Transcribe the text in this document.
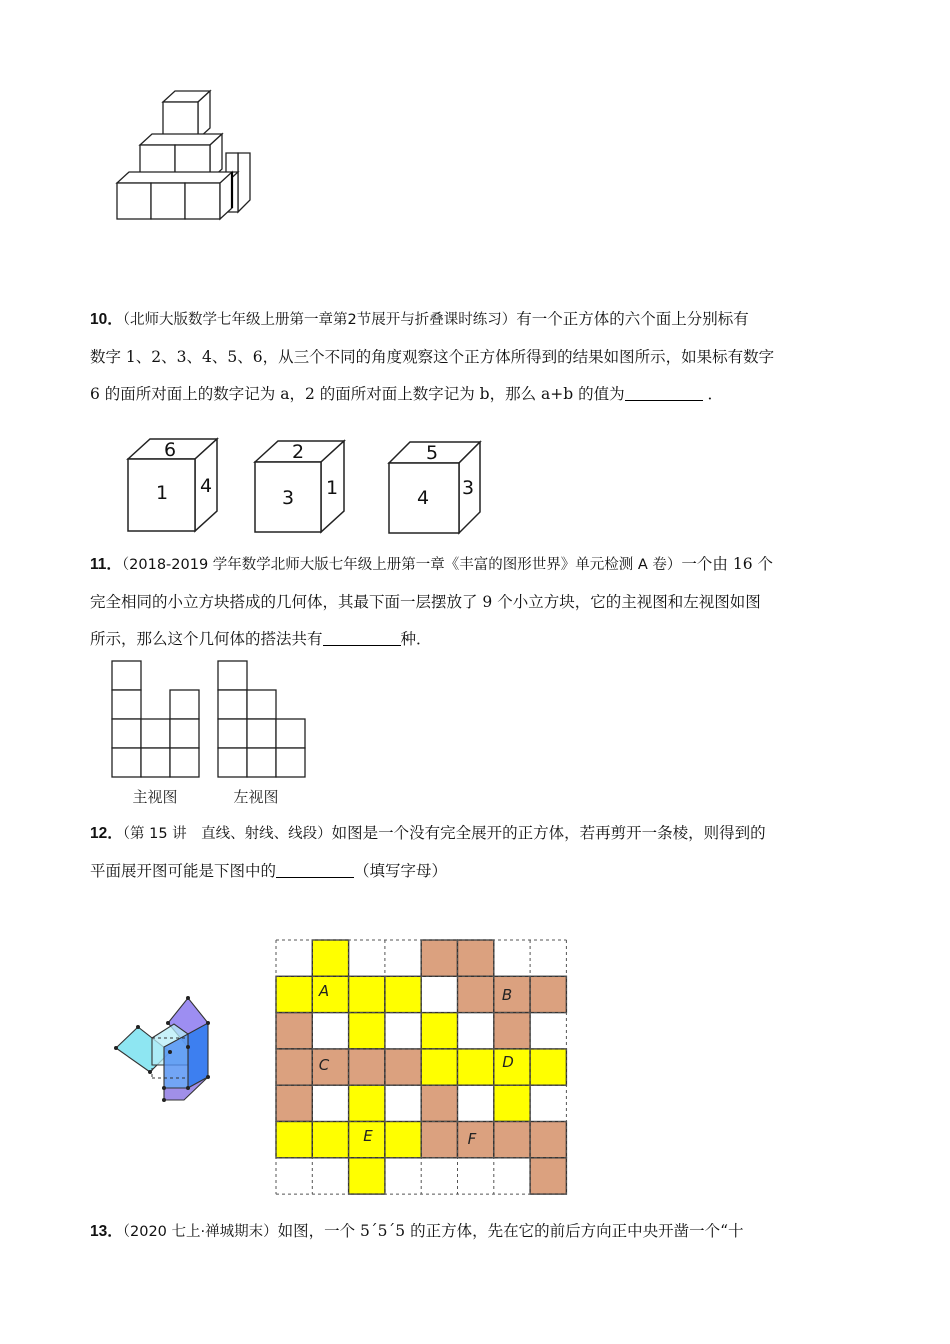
10．（北师大版数学七年级上册第一章第2节展开与折叠课时练习）有一个正方体的六个面上分别标有
数字 1、2、3、4、5、6，从三个不同的角度观察这个正方体所得到的结果如图所示，如果标有数字
6 的面所对面上的数字记为 a，2 的面所对面上数字记为 b，那么 a+b 的值为	．
6
1 4
2
3 1
5
4 3
11．（2018-2019 学年数学北师大版七年级上册第一章《丰富的图形世界》单元检测 A 卷）一个由 16 个
完全相同的小立方块搭成的几何体，其最下面一层摆放了 9 个小立方块，它的主视图和左视图如图
所示，那么这个几何体的搭法共有	种．
主视图	左视图
12．（第 15 讲　直线、射线、线段）如图是一个没有完全展开的正方体，若再剪开一条棱，则得到的
平面展开图可能是下图中的	（填写字母）
A	B
C	D
E	F
13．（2020 七上·禅城期末）如图，一个 5´5´5 的正方体，先在它的前后方向正中央开凿一个“十
